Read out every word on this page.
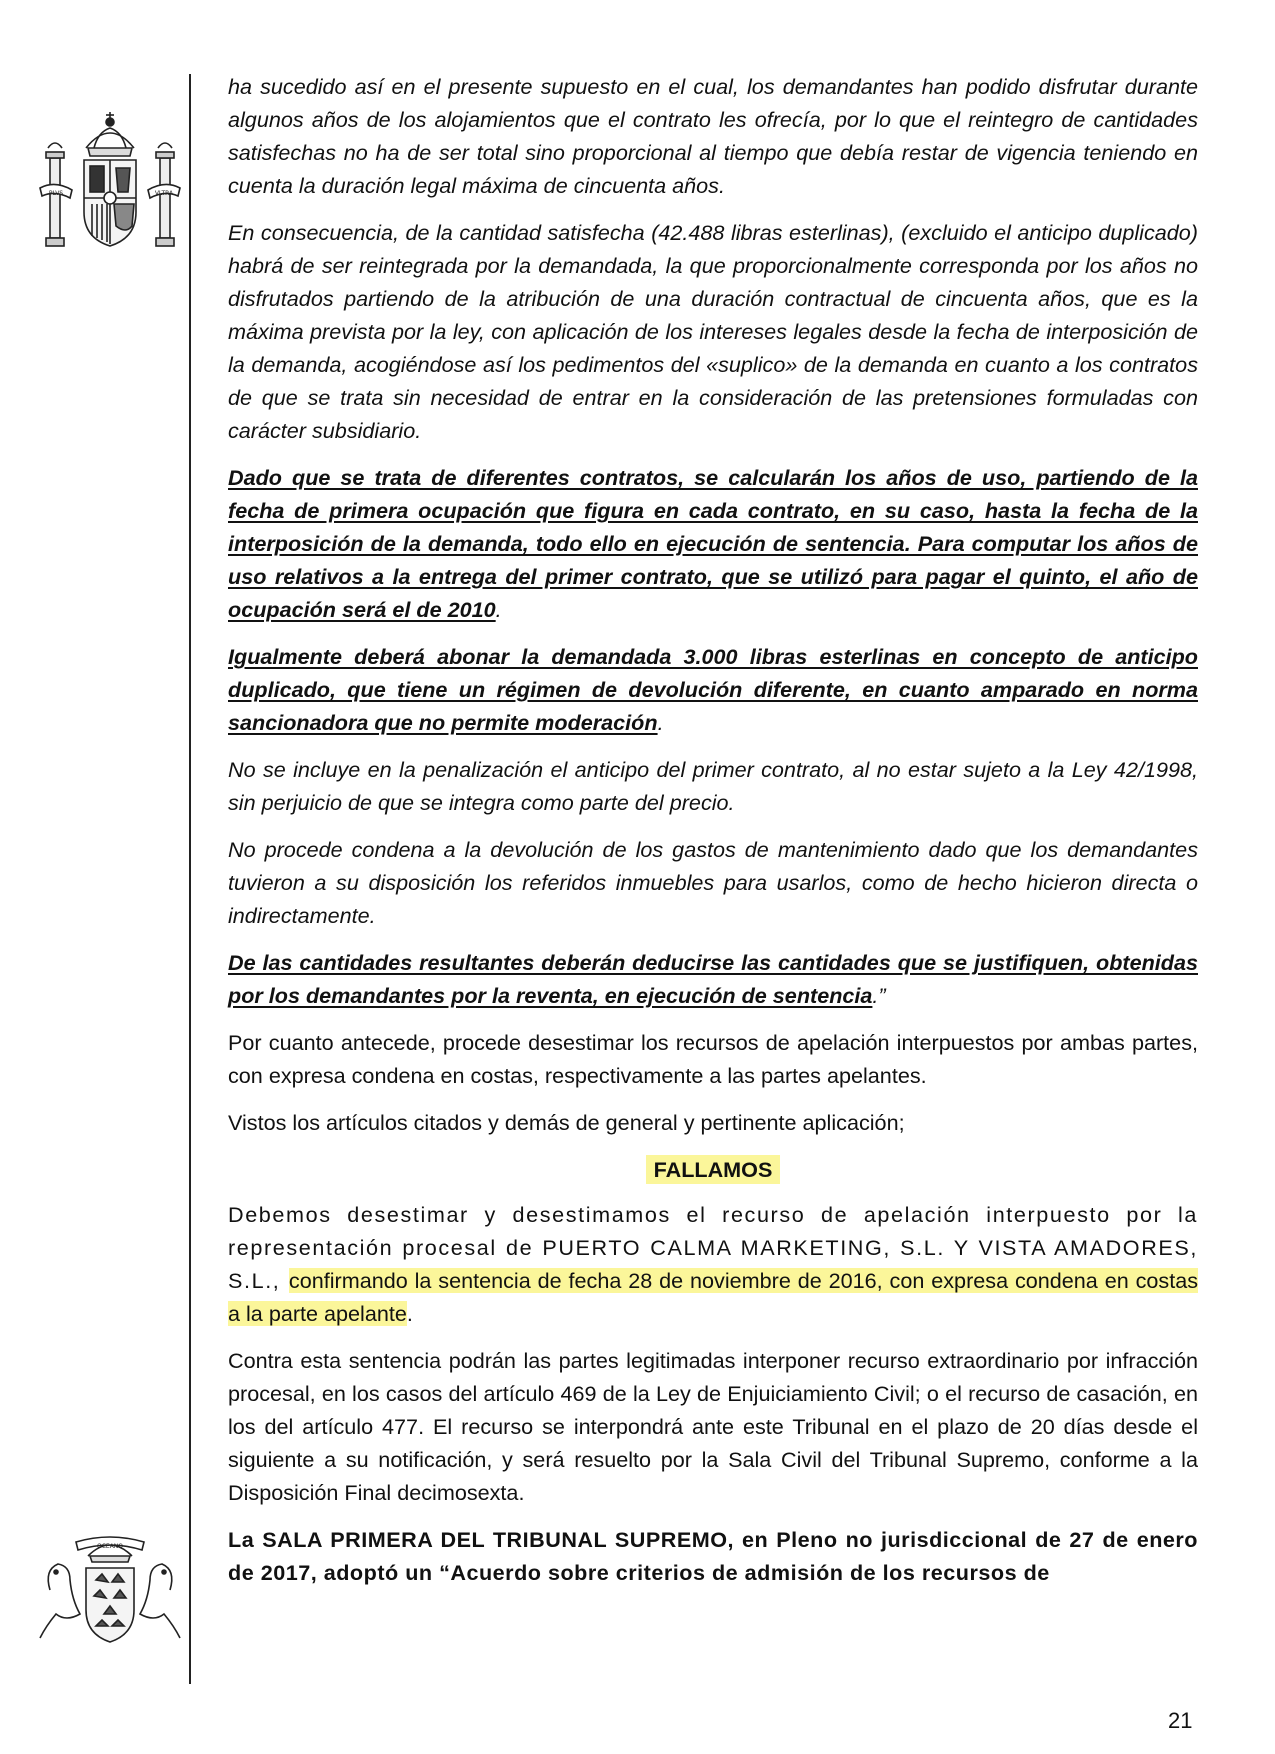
PLVS	VLTRA
OCEANO

ha sucedido así en el presente supuesto en el cual, los demandantes han podido disfrutar durante algunos años de los alojamientos que el contrato les ofrecía, por lo que el reintegro de cantidades satisfechas no ha de ser total sino proporcional al tiempo que debía restar de vigencia teniendo en cuenta la duración legal máxima de cincuenta años.

En consecuencia, de la cantidad satisfecha (42.488 libras esterlinas), (excluido el anticipo duplicado) habrá de ser reintegrada por la demandada, la que proporcionalmente corresponda por los años no disfrutados partiendo de la atribución de una duración contractual de cincuenta años, que es la máxima prevista por la ley, con aplicación de los intereses legales desde la fecha de interposición de la demanda, acogiéndose así los pedimentos del «suplico» de la demanda en cuanto a los contratos de que se trata sin necesidad de entrar en la consideración de las pretensiones formuladas con carácter subsidiario.

Dado que se trata de diferentes contratos, se calcularán los años de uso, partiendo de la fecha de primera ocupación que figura en cada contrato, en su caso, hasta la fecha de la interposición de la demanda, todo ello en ejecución de sentencia. Para computar los años de uso relativos a la entrega del primer contrato, que se utilizó para pagar el quinto, el año de ocupación será el de 2010.

Igualmente deberá abonar la demandada 3.000 libras esterlinas en concepto de anticipo duplicado, que tiene un régimen de devolución diferente, en cuanto amparado en norma sancionadora que no permite moderación.

No se incluye en la penalización el anticipo del primer contrato, al no estar sujeto a la Ley 42/1998, sin perjuicio de que se integra como parte del precio.

No procede condena a la devolución de los gastos de mantenimiento dado que los demandantes tuvieron a su disposición los referidos inmuebles para usarlos, como de hecho hicieron directa o indirectamente.

De las cantidades resultantes deberán deducirse las cantidades que se justifiquen, obtenidas por los demandantes por la reventa, en ejecución de sentencia.”

Por cuanto antecede, procede desestimar los recursos de apelación interpuestos por ambas partes, con expresa condena en costas, respectivamente a las partes apelantes.

Vistos los artículos citados y demás de general y pertinente aplicación;

FALLAMOS

Debemos desestimar y desestimamos el recurso de apelación interpuesto por la representación procesal de PUERTO CALMA MARKETING, S.L. Y VISTA AMADORES, S.L., confirmando la sentencia de fecha 28 de noviembre de 2016, con expresa condena en costas a la parte apelante.

Contra esta sentencia podrán las partes legitimadas interponer recurso extraordinario por infracción procesal, en los casos del artículo 469 de la Ley de Enjuiciamiento Civil; o el recurso de casación, en los del artículo 477. El recurso se interpondrá ante este Tribunal en el plazo de 20 días desde el siguiente a su notificación, y será resuelto por la Sala Civil del Tribunal Supremo, conforme a la Disposición Final decimosexta.

La SALA PRIMERA DEL TRIBUNAL SUPREMO, en Pleno no jurisdiccional de 27 de enero de 2017, adoptó un “Acuerdo sobre criterios de admisión de los recursos de

21
